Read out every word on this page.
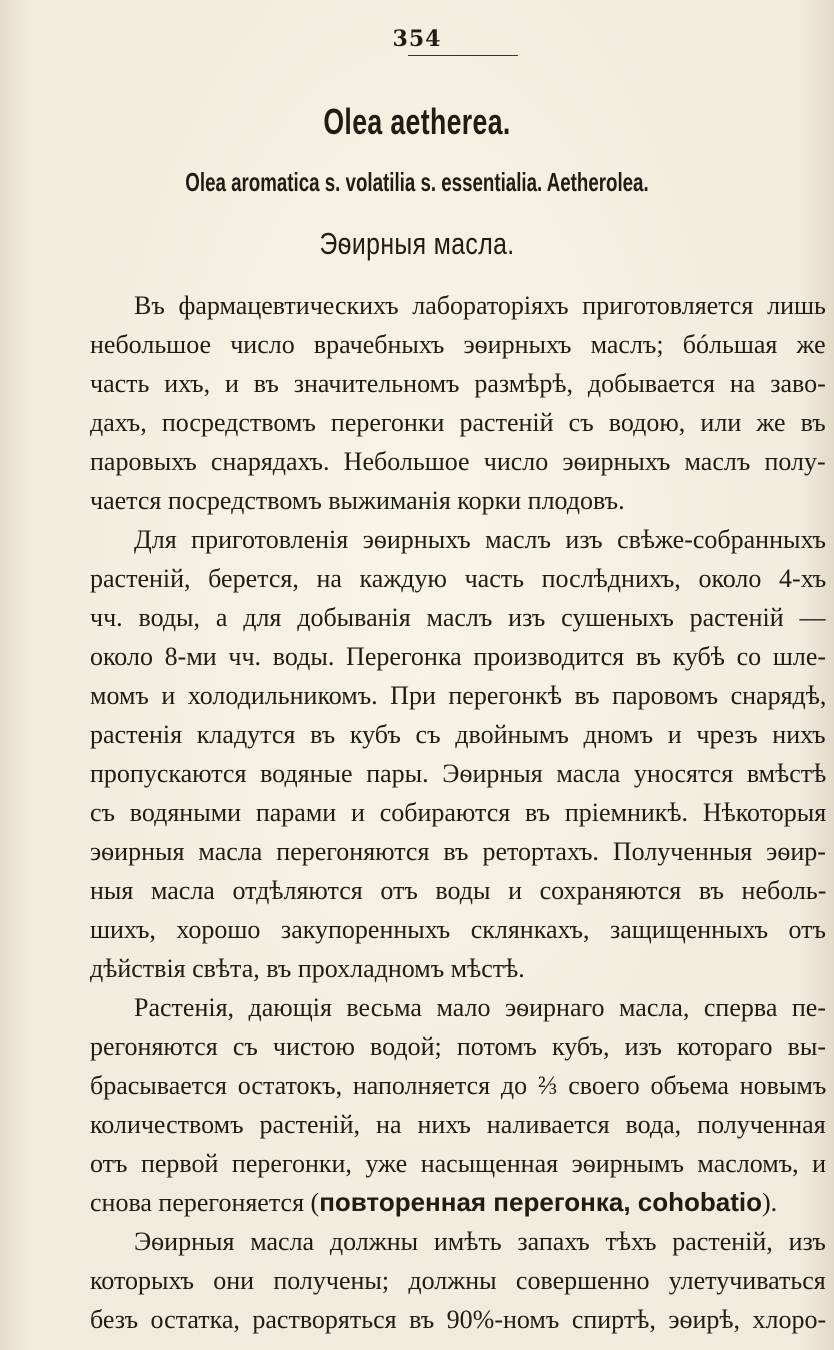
354
Olea aetherea.
Olea aromatica s. volatilia s. essentialia. Aetheroleа.
Эѳирныя масла.
Въ фармацевтическихъ лабораторіяхъ приготовляется лишь
небольшое число врачебныхъ эѳирныхъ маслъ; бóльшая же
часть ихъ, и въ значительномъ размѣрѣ, добывается на заво-
дахъ, посредствомъ перегонки растеній съ водою, или же въ
паровыхъ снарядахъ. Небольшое число эѳирныхъ маслъ полу-
чается посредствомъ выжиманія корки плодовъ.
Для приготовленія эѳирныхъ маслъ изъ свѣже-собранныхъ
растеній, берется, на каждую часть послѣднихъ, около 4-хъ
чч. воды, а для добыванія маслъ изъ сушеныхъ растеній —
около 8-ми чч. воды. Перегонка производится въ кубѣ со шле-
момъ и холодильникомъ. При перегонкѣ въ паровомъ снарядѣ,
растенія кладутся въ кубъ съ двойнымъ дномъ и чрезъ нихъ
пропускаются водяные пары. Эѳирныя масла уносятся вмѣстѣ
съ водяными парами и собираются въ пріемникѣ. Нѣкоторыя
эѳирныя масла перегоняются въ ретортахъ. Полученныя эѳир-
ныя масла отдѣляются отъ воды и сохраняются въ неболь-
шихъ, хорошо закупоренныхъ склянкахъ, защищенныхъ отъ
дѣйствія свѣта, въ прохладномъ мѣстѣ.
Растенія, дающія весьма мало эѳирнаго масла, сперва пе-
регоняются съ чистою водой; потомъ кубъ, изъ котораго вы-
брасывается остатокъ, наполняется до ⅔ своего объема новымъ
количествомъ растеній, на нихъ наливается вода, полученная
отъ первой перегонки, уже насыщенная эѳирнымъ масломъ, и
снова перегоняется (повторенная перегонка, cohobatio).
Эѳирныя масла должны имѣть запахъ тѣхъ растеній, изъ
которыхъ они получены; должны совершенно улетучиваться
безъ остатка, растворяться въ 90%-номъ спиртѣ, эѳирѣ, хлоро-
